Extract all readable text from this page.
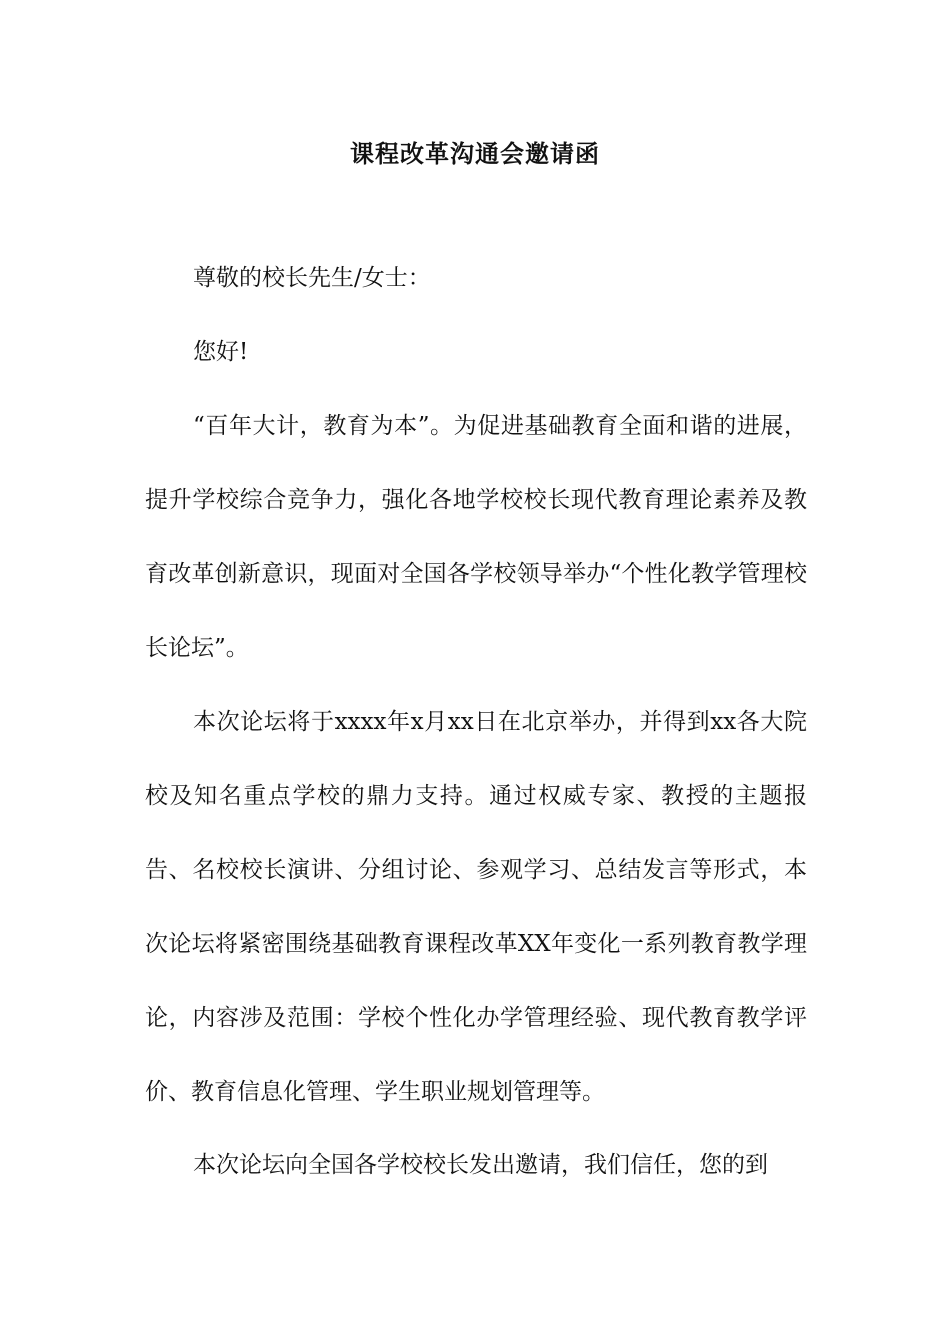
课程改革沟通会邀请函
尊敬的校长先生/女士：
您好!
“百年大计，教育为本”。为促进基础教育全面和谐的进展，提升学校综合竞争力，强化各地学校校长现代教育理论素养及教育改革创新意识，现面对全国各学校领导举办“个性化教学管理校长论坛”。
本次论坛将于xxxx年x月xx日在北京举办，并得到xx各大院校及知名重点学校的鼎力支持。通过权威专家、教授的主题报告、名校校长演讲、分组讨论、参观学习、总结发言等形式，本次论坛将紧密围绕基础教育课程改革XX年变化一系列教育教学理论，内容涉及范围：学校个性化办学管理经验、现代教育教学评价、教育信息化管理、学生职业规划管理等。
本次论坛向全国各学校校长发出邀请，我们信任，您的到
